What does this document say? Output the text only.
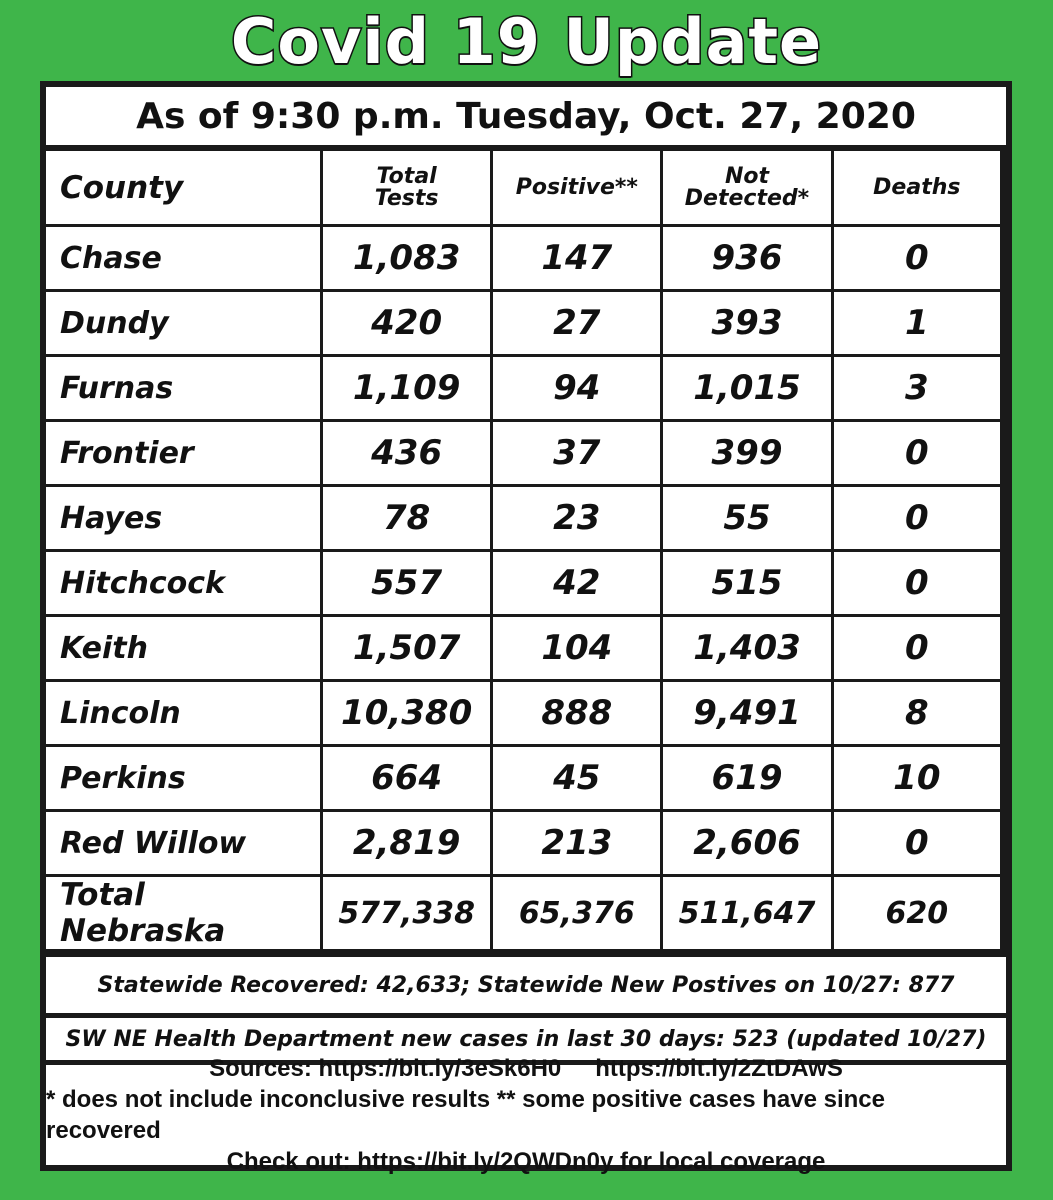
Covid 19 Update
As of 9:30 p.m. Tuesday, Oct. 27, 2020
County	Total Tests	Positive**	Not Detected*	Deaths
Chase	1,083	147	936	0
Dundy	420	27	393	1
Furnas	1,109	94	1,015	3
Frontier	436	37	399	0
Hayes	78	23	55	0
Hitchcock	557	42	515	0
Keith	1,507	104	1,403	0
Lincoln	10,380	888	9,491	8
Perkins	664	45	619	10
Red Willow	2,819	213	2,606	0
Total Nebraska	577,338	65,376	511,647	620
Statewide Recovered: 42,633; Statewide New Postives on 10/27: 877
SW NE Health Department new cases in last 30 days: 523 (updated 10/27)
Sources: https://bit.ly/3eSk6H0 https://bit.ly/2ZtDAwS
* does not include inconclusive results ** some positive cases have since recovered
Check out: https://bit.ly/2QWDn0y for local coverage
